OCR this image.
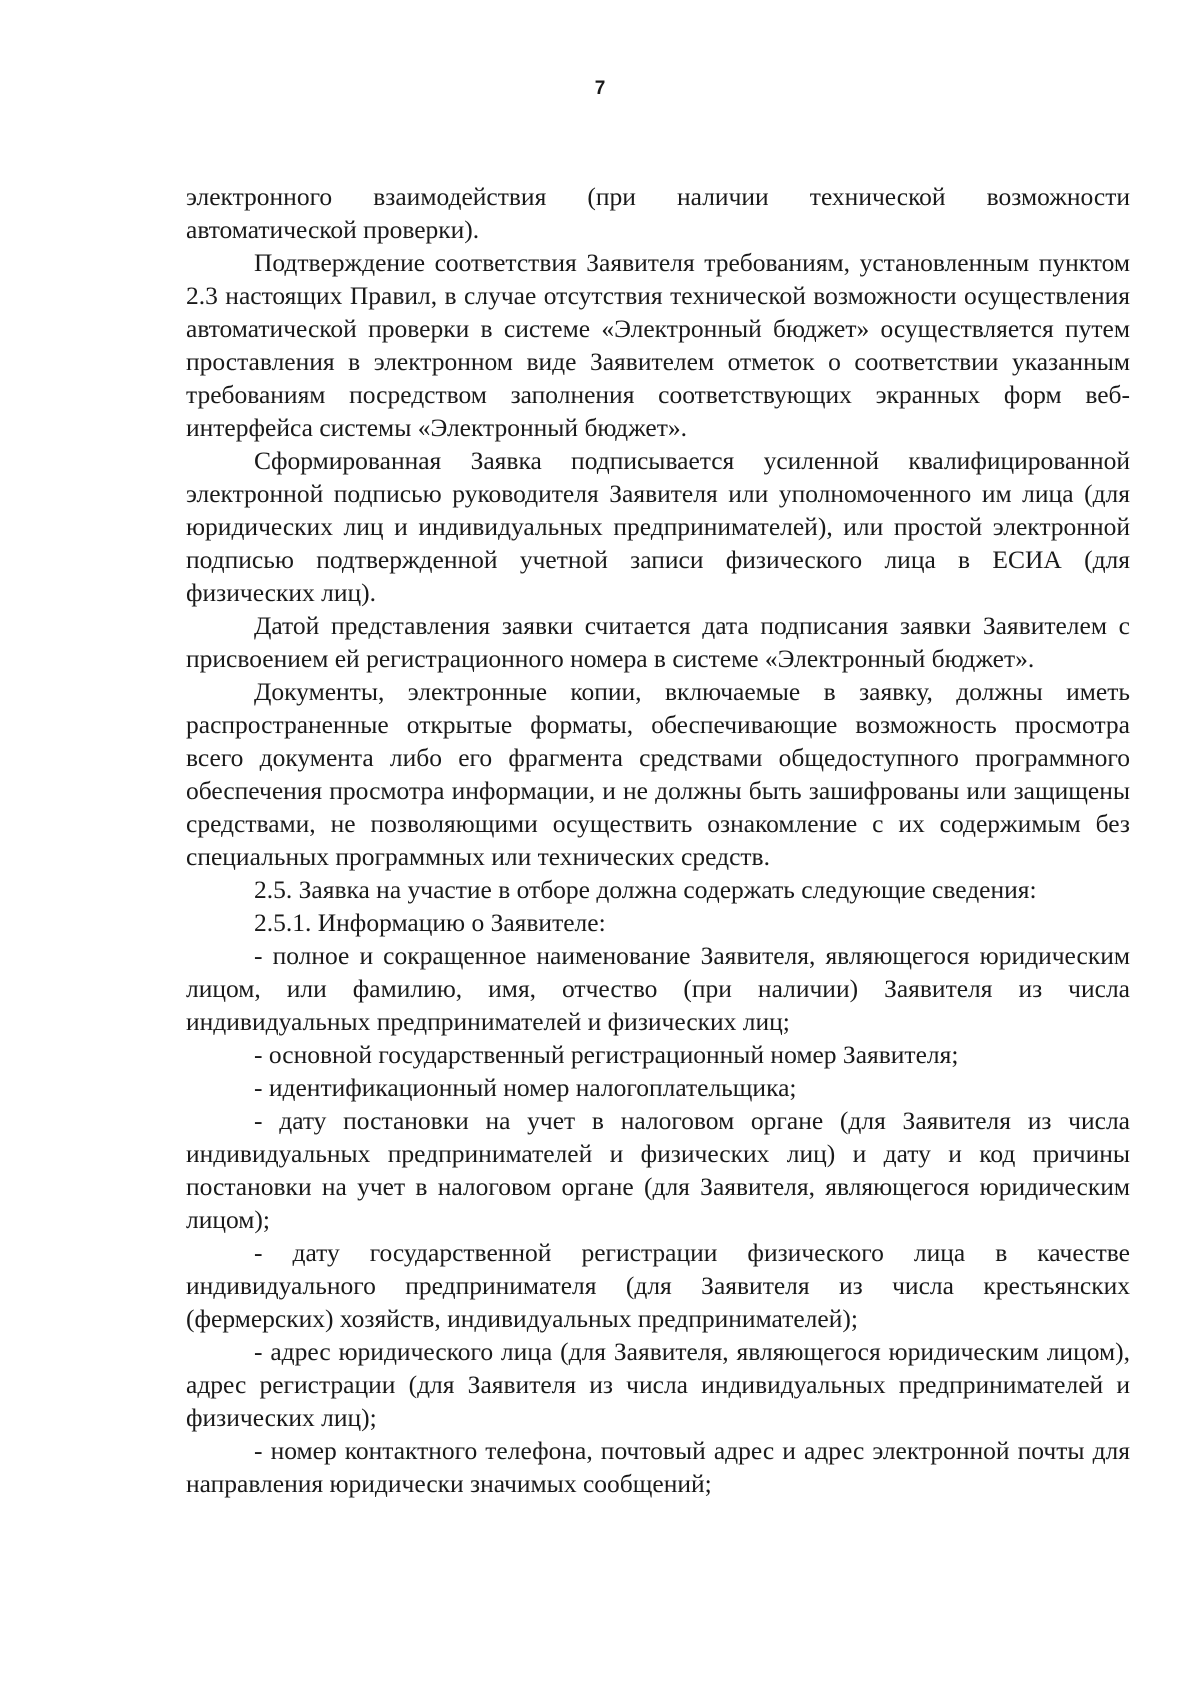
7

электронного взаимодействия (при наличии технической возможности автоматической проверки).

Подтверждение соответствия Заявителя требованиям, установленным пунктом 2.3 настоящих Правил, в случае отсутствия технической возможности осуществления автоматической проверки в системе «Электронный бюджет» осуществляется путем проставления в электронном виде Заявителем отметок о соответствии указанным требованиям посредством заполнения соответствующих экранных форм веб-интерфейса системы «Электронный бюджет».

Сформированная Заявка подписывается усиленной квалифицированной электронной подписью руководителя Заявителя или уполномоченного им лица (для юридических лиц и индивидуальных предпринимателей), или простой электронной подписью подтвержденной учетной записи физического лица в ЕСИА (для физических лиц).

Датой представления заявки считается дата подписания заявки Заявителем с присвоением ей регистрационного номера в системе «Электронный бюджет».

Документы, электронные копии, включаемые в заявку, должны иметь распространенные открытые форматы, обеспечивающие возможность просмотра всего документа либо его фрагмента средствами общедоступного программного обеспечения просмотра информации, и не должны быть зашифрованы или защищены средствами, не позволяющими осуществить ознакомление с их содержимым без специальных программных или технических средств.

2.5. Заявка на участие в отборе должна содержать следующие сведения:

2.5.1. Информацию о Заявителе:

- полное и сокращенное наименование Заявителя, являющегося юридическим лицом, или фамилию, имя, отчество (при наличии) Заявителя из числа индивидуальных предпринимателей и физических лиц;

- основной государственный регистрационный номер Заявителя;

- идентификационный номер налогоплательщика;

- дату постановки на учет в налоговом органе (для Заявителя из числа индивидуальных предпринимателей и физических лиц) и дату и код причины постановки на учет в налоговом органе (для Заявителя, являющегося юридическим лицом);

- дату государственной регистрации физического лица в качестве индивидуального предпринимателя (для Заявителя из числа крестьянских (фермерских) хозяйств, индивидуальных предпринимателей);

- адрес юридического лица (для Заявителя, являющегося юридическим лицом), адрес регистрации (для Заявителя из числа индивидуальных предпринимателей и физических лиц);

- номер контактного телефона, почтовый адрес и адрес электронной почты для направления юридически значимых сообщений;
